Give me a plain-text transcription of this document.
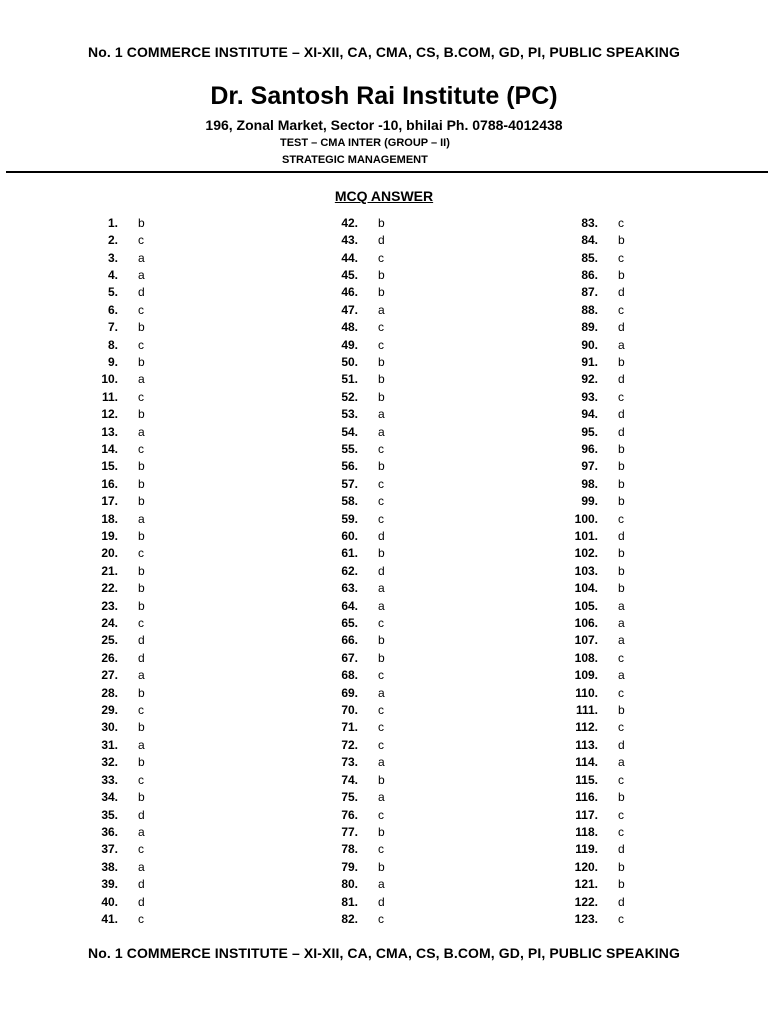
No. 1 COMMERCE INSTITUTE – XI-XII, CA, CMA, CS, B.COM, GD, PI, PUBLIC SPEAKING
Dr. Santosh Rai Institute (PC)
196, Zonal Market, Sector -10, bhilai Ph. 0788-4012438
TEST – CMA INTER (GROUP – II)
STRATEGIC MANAGEMENT
MCQ ANSWER
1. b
2. c
3. a
4. a
5. d
6. c
7. b
8. c
9. b
10. a
11. c
12. b
13. a
14. c
15. b
16. b
17. b
18. a
19. b
20. c
21. b
22. b
23. b
24. c
25. d
26. d
27. a
28. b
29. c
30. b
31. a
32. b
33. c
34. b
35. d
36. a
37. c
38. a
39. d
40. d
41. c
42. b
43. d
44. c
45. b
46. b
47. a
48. c
49. c
50. b
51. b
52. b
53. a
54. a
55. c
56. b
57. c
58. c
59. c
60. d
61. b
62. d
63. a
64. a
65. c
66. b
67. b
68. c
69. a
70. c
71. c
72. c
73. a
74. b
75. a
76. c
77. b
78. c
79. b
80. a
81. d
82. c
83. c
84. b
85. c
86. b
87. d
88. c
89. d
90. a
91. b
92. d
93. c
94. d
95. d
96. b
97. b
98. b
99. b
100. c
101. d
102. b
103. b
104. b
105. a
106. a
107. a
108. c
109. a
110. c
111. b
112. c
113. d
114. a
115. c
116. b
117. c
118. c
119. d
120. b
121. b
122. d
123. c
No. 1 COMMERCE INSTITUTE – XI-XII, CA, CMA, CS, B.COM, GD, PI, PUBLIC SPEAKING
